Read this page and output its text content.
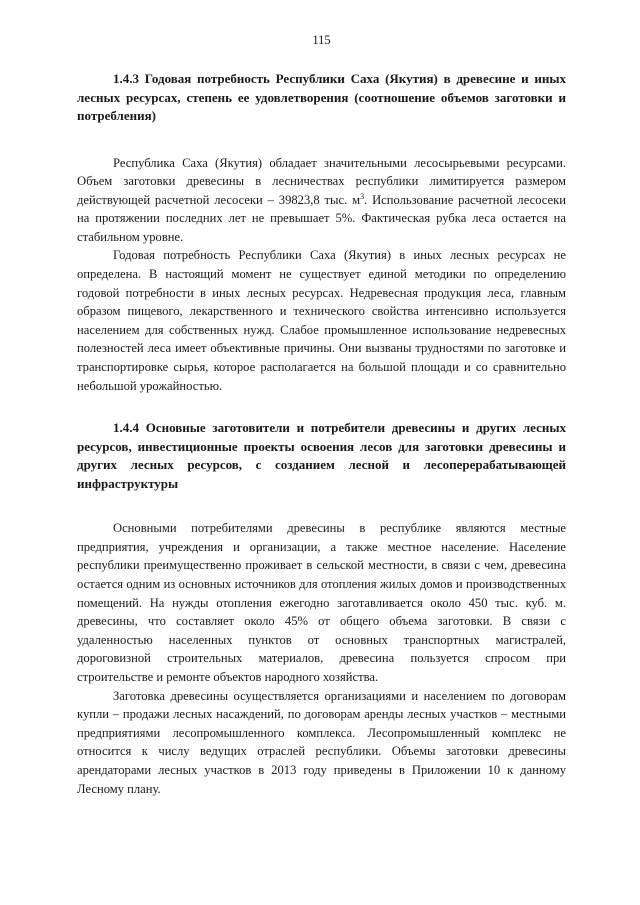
115
1.4.3 Годовая потребность Республики Саха (Якутия) в древесине и иных лесных ресурсах, степень ее удовлетворения (соотношение объемов заготовки и потребления)

Республика Саха (Якутия) обладает значительными лесосырьевыми ресурсами. Объем заготовки древесины в лесничествах республики лимитируется размером действующей расчетной лесосеки – 39823,8 тыс. $м^3$. Использование расчетной лесосеки на протяжении последних лет не превышает 5%. Фактическая рубка леса остается на стабильном уровне.

Годовая потребность Республики Саха (Якутия) в иных лесных ресурсах не определена. В настоящий момент не существует единой методики по определению годовой потребности в иных лесных ресурсах. Недревесная продукция леса, главным образом пищевого, лекарственного и технического свойства интенсивно используется населением для собственных нужд. Слабое промышленное использование недревесных полезностей леса имеет объективные причины. Они вызваны трудностями по заготовке и транспортировке сырья, которое располагается на большой площади и со сравнительно небольшой урожайностью.

1.4.4 Основные заготовители и потребители древесины и других лесных ресурсов, инвестиционные проекты освоения лесов для заготовки древесины и других лесных ресурсов, с созданием лесной и лесоперерабатывающей инфраструктуры

Основными потребителями древесины в республике являются местные предприятия, учреждения и организации, а также местное население. Население республики преимущественно проживает в сельской местности, в связи с чем, древесина остается одним из основных источников для отопления жилых домов и производственных помещений. На нужды отопления ежегодно заготавливается около 450 тыс. куб. м. древесины, что составляет около 45% от общего объема заготовки. В связи с удаленностью населенных пунктов от основных транспортных магистралей, дороговизной строительных материалов, древесина пользуется спросом при строительстве и ремонте объектов народного хозяйства.

Заготовка древесины осуществляется организациями и населением по договорам купли – продажи лесных насаждений, по договорам аренды лесных участков – местными предприятиями лесопромышленного комплекса. Лесопромышленный комплекс не относится к числу ведущих отраслей республики. Объемы заготовки древесины арендаторами лесных участков в 2013 году приведены в Приложении 10 к данному Лесному плану.
